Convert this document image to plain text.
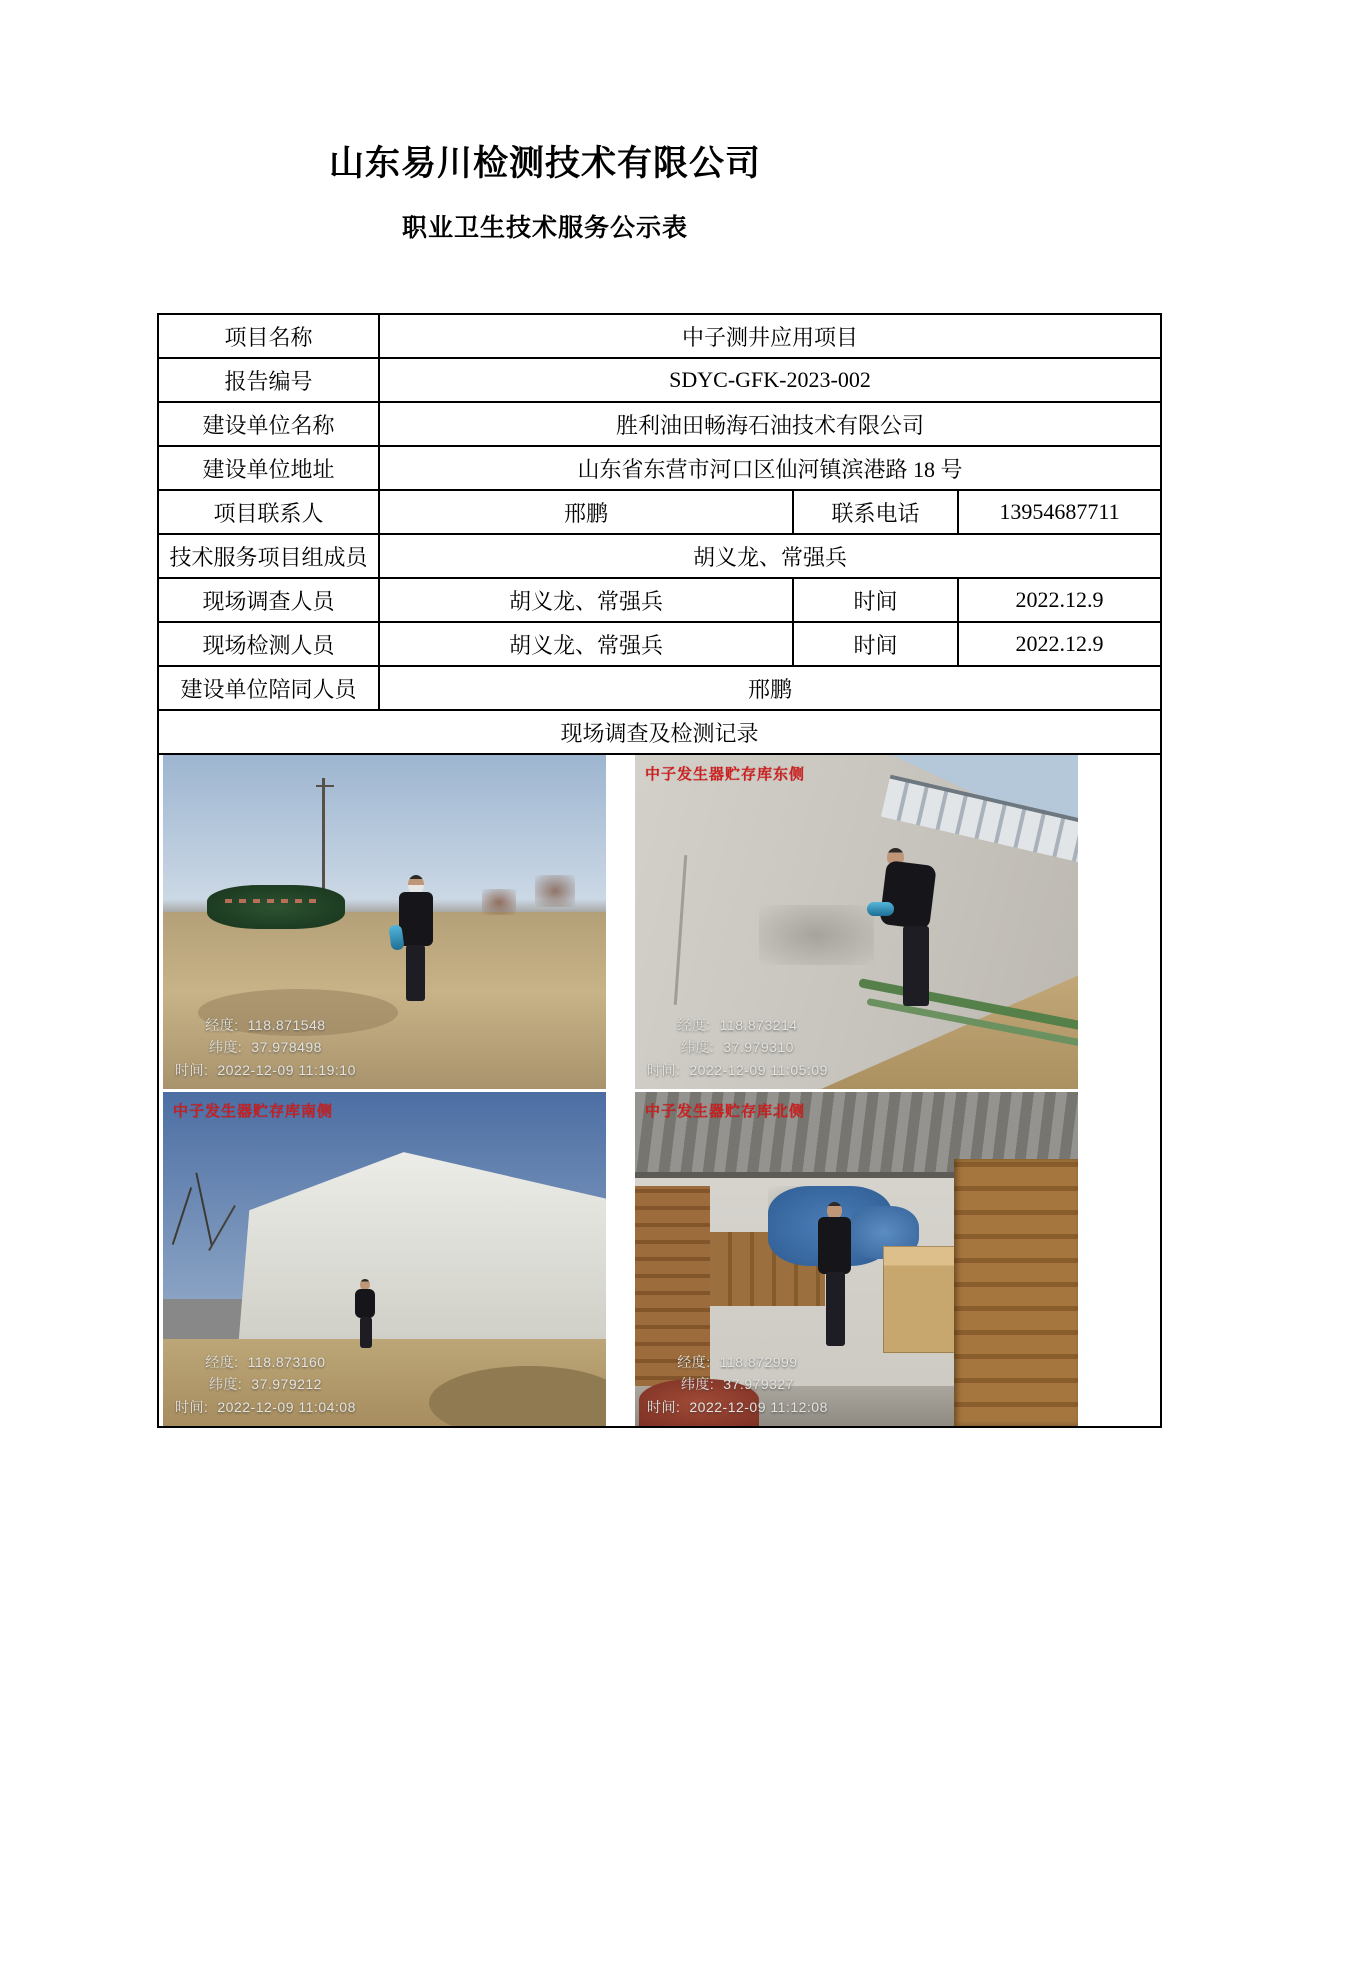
山东易川检测技术有限公司
职业卫生技术服务公示表
项目名称	中子测井应用项目		
报告编号	SDYC-GFK-2023-002		
建设单位名称	胜利油田畅海石油技术有限公司		
建设单位地址	山东省东营市河口区仙河镇滨港路 18 号		
项目联系人	邢鹏	联系电话	13954687711
技术服务项目组成员	胡义龙、常强兵		
现场调查人员	胡义龙、常强兵	时间	2022.12.9
现场检测人员	胡义龙、常强兵	时间	2022.12.9
建设单位陪同人员	邢鹏		
现场调查及检测记录			

经度: 118.871548
纬度: 37.978498
时间: 2022-12-09 11:19:10
中子发生器贮存库东侧
经度: 118.873214
纬度: 37.979310
时间: 2022-12-09 11:05:09
中子发生器贮存库南侧
经度: 118.873160
纬度: 37.979212
时间: 2022-12-09 11:04:08
中子发生器贮存库北侧
经度: 118.872999
纬度: 37.979327
时间: 2022-12-09 11:12:08
